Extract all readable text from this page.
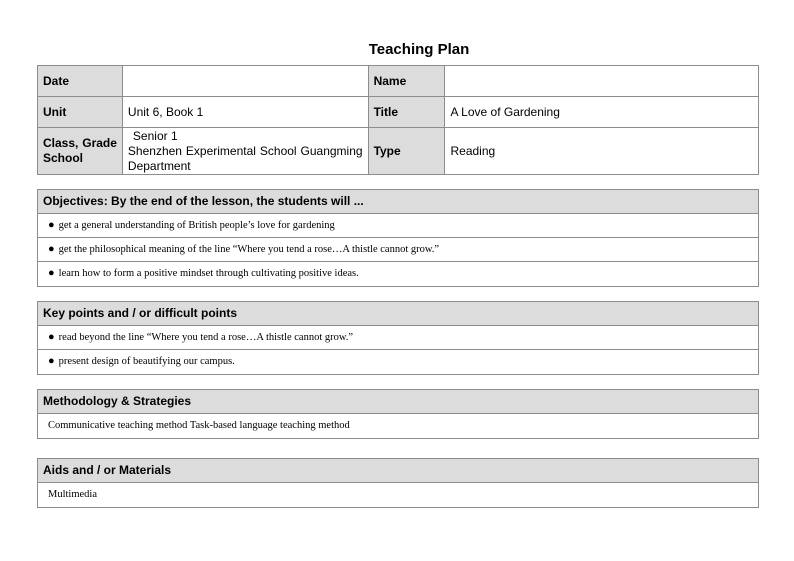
Teaching Plan
Date		Name	
Unit	Unit 6, Book 1	Title	A Love of Gardening

Class, Grade School	Senior 1
Shenzhen Experimental School Guangming
Department	Type	Reading
Objectives: By the end of the lesson, the students will ...
● get a general understanding of British people’s love for gardening
● get the philosophical meaning of the line “Where you tend a rose…A thistle cannot grow.”
● learn how to form a positive mindset through cultivating positive ideas.
Key points and / or difficult points
● read beyond the line “Where you tend a rose…A thistle cannot grow.”
● present design of beautifying our campus.
Methodology & Strategies
Communicative teaching method Task-based language teaching method
Aids and / or Materials
Multimedia
